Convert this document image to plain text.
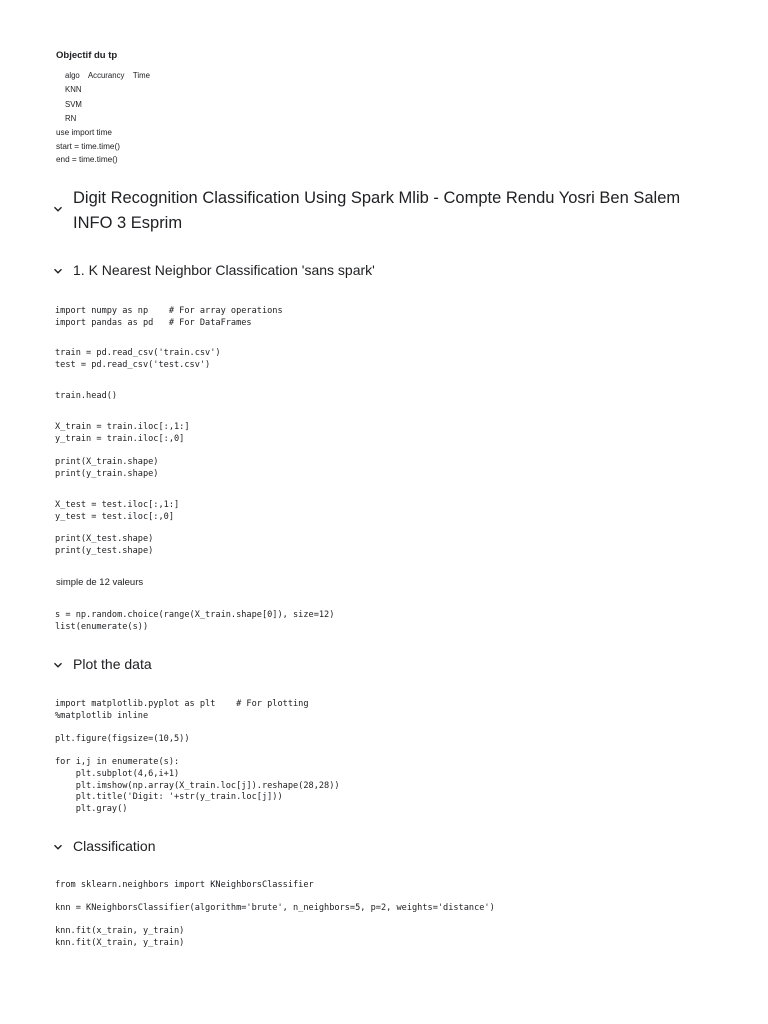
Objectif du tp
algo    Accurancy    Time
KNN
SVM
RN
use import time
start = time.time()
end = time.time()
Digit Recognition Classification Using Spark Mlib - Compte Rendu Yosri Ben Salem INFO 3 Esprim
1. K Nearest Neighbor Classification 'sans spark'
import numpy as np    # For array operations
import pandas as pd   # For DataFrames
train = pd.read_csv('train.csv')
test = pd.read_csv('test.csv')
train.head()
X_train = train.iloc[:,1:]
y_train = train.iloc[:,0]
print(X_train.shape)
print(y_train.shape)
X_test = test.iloc[:,1:]
y_test = test.iloc[:,0]
print(X_test.shape)
print(y_test.shape)
simple de 12 valeurs
s = np.random.choice(range(X_train.shape[0]), size=12)
list(enumerate(s))
Plot the data
import matplotlib.pyplot as plt    # For plotting
%matplotlib inline
plt.figure(figsize=(10,5))
for i,j in enumerate(s):
plt.subplot(4,6,i+1)
plt.imshow(np.array(X_train.loc[j]).reshape(28,28))
plt.title('Digit: '+str(y_train.loc[j]))
plt.gray()
Classification
from sklearn.neighbors import KNeighborsClassifier
knn = KNeighborsClassifier(algorithm='brute', n_neighbors=5, p=2, weights='distance')
knn.fit(x_train, y_train)
knn.fit(X_train, y_train)
